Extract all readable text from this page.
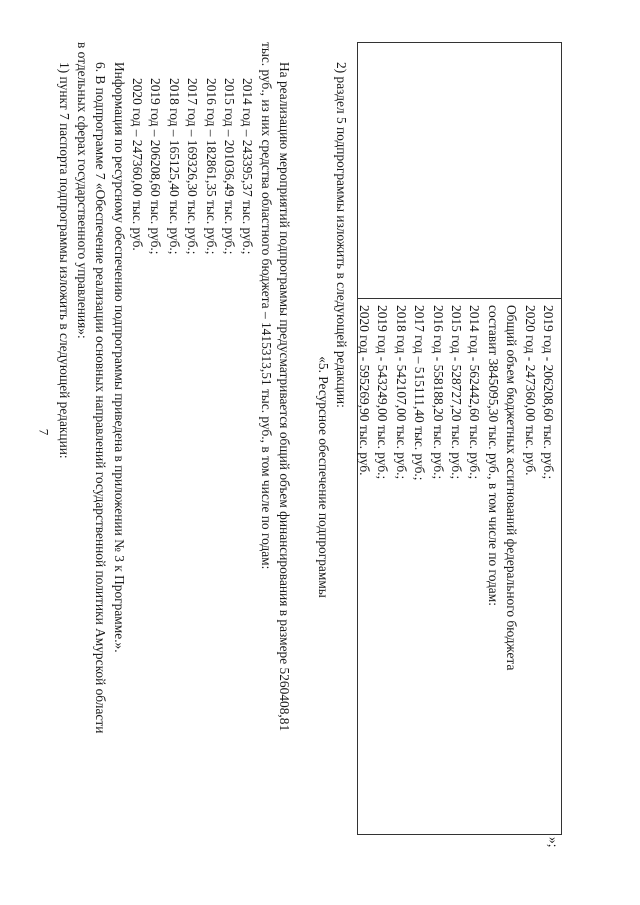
7	2019 год - 206208,60 тыс. руб.;
2020 год - 247360,00 тыс. руб.
Общий объем бюджетных ассигнований федерального бюджета
составит 3845095,30 тыс. руб., в том числе по годам:
2014 год - 562442,60 тыс. руб.;
2015 год - 528727,20 тыс. руб.;
2016 год - 558188,20 тыс. руб.;
2017 год – 515111,40 тыс. руб.;
2018 год - 542107,00 тыс. руб.;
2019 год - 543249,00 тыс. руб.;
2020 год - 595269,90 тыс. руб.
»;
2) раздел 5 подпрограммы изложить в следующей редакции:
«5. Ресурсное обеспечение подпрограммы
На реализацию мероприятий подпрограммы предусматривается общий объем финансирования в размере 5260408,81
тыс. руб., из них средства областного бюджета – 1415313,51 тыс. руб., в том числе по годам:
2014 год – 243395,37 тыс. руб.;
2015 год – 201036,49 тыс. руб.;
2016 год – 182861,35 тыс. руб.;
2017 год – 169326,30 тыс. руб.;
2018 год – 165125,40 тыс. руб.;
2019 год – 206208,60 тыс. руб.;
2020 год – 247360,00 тыс. руб.
Информация по ресурсному обеспечению подпрограммы приведена в приложении № 3 к Программе.».
6. В подпрограмме 7 «Обеспечение реализации основных направлений государственной политики Амурской области
в отдельных сферах государственного управления»:
1) пункт 7 паспорта подпрограммы изложить в следующей редакции:
